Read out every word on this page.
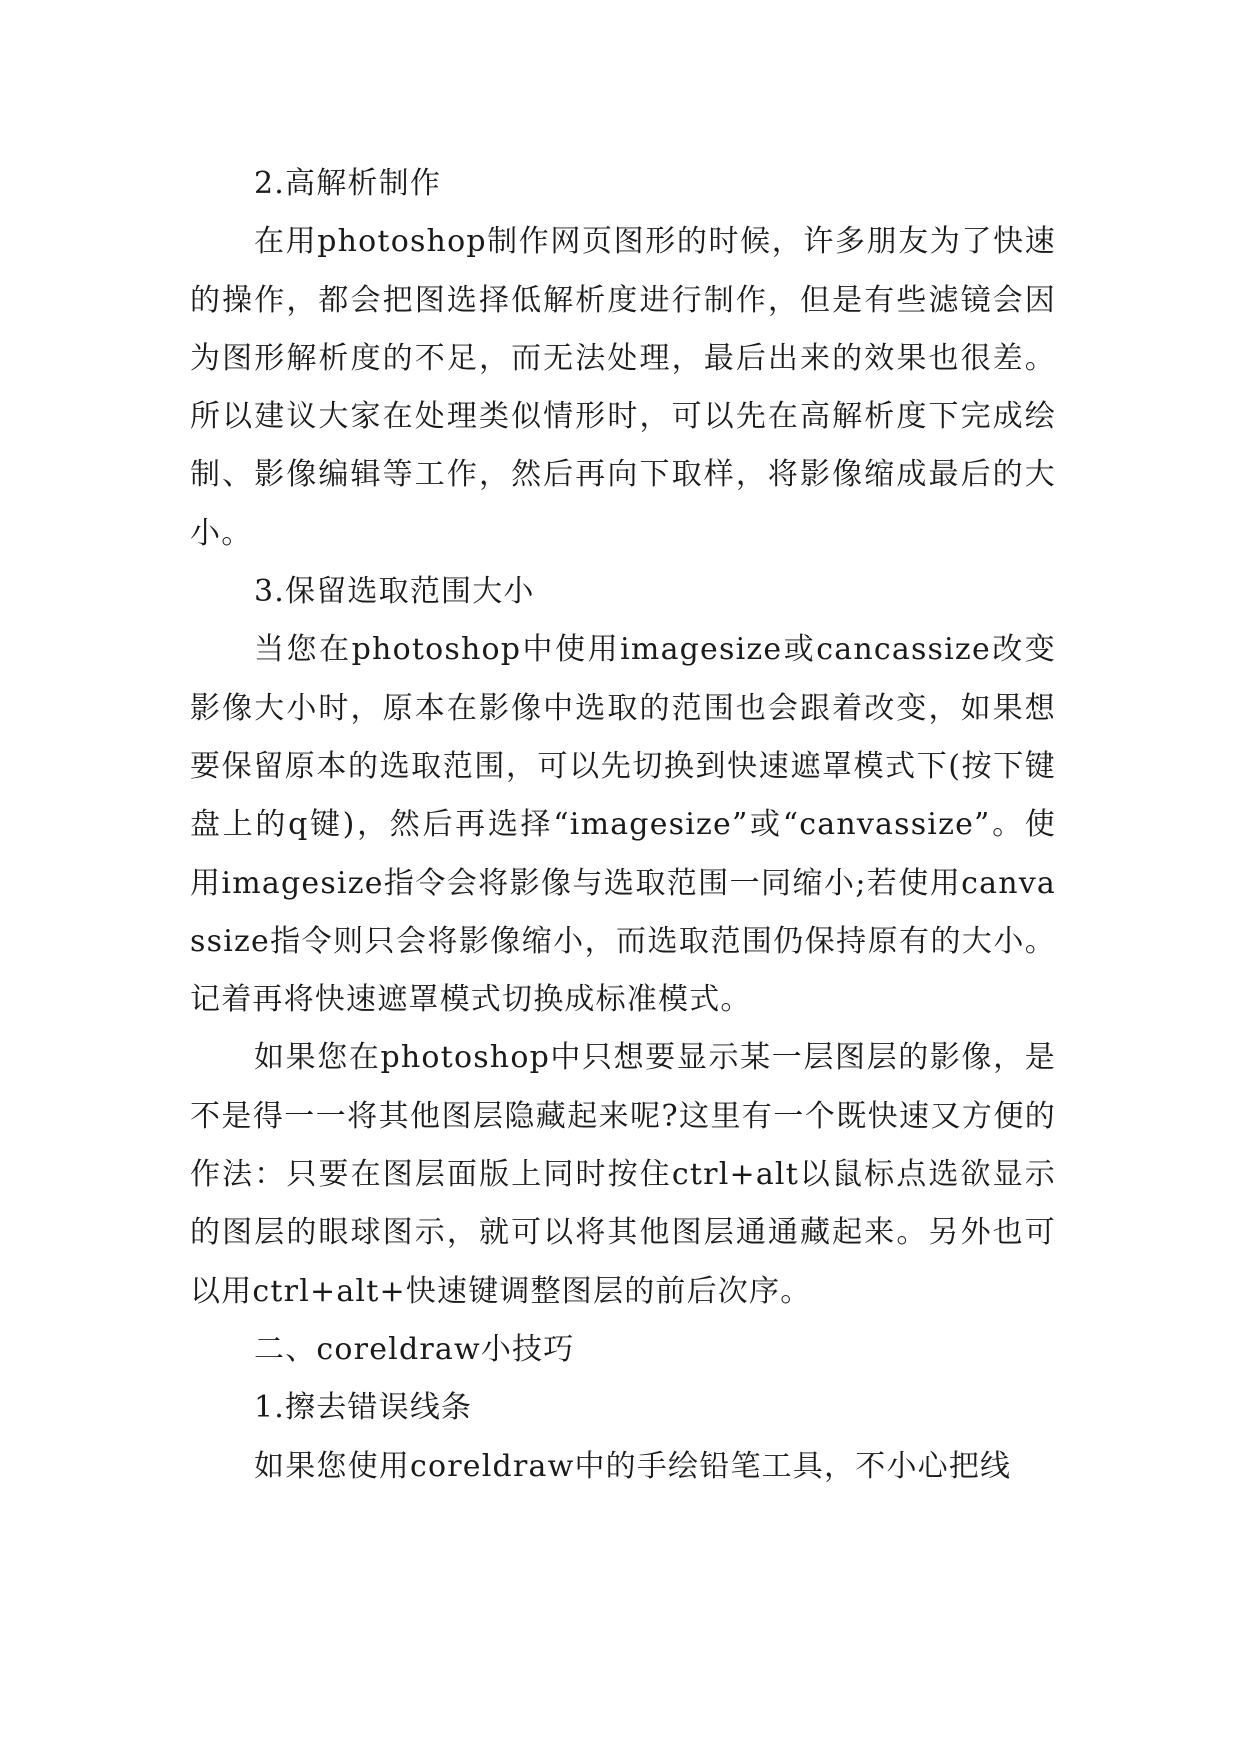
2.高解析制作

在用photoshop制作网页图形的时候，许多朋友为了快速的操作，都会把图选择低解析度进行制作，但是有些滤镜会因为图形解析度的不足，而无法处理，最后出来的效果也很差。所以建议大家在处理类似情形时，可以先在高解析度下完成绘制、影像编辑等工作，然后再向下取样，将影像缩成最后的大小。

3.保留选取范围大小

当您在photoshop中使用imagesize或cancassize改变影像大小时，原本在影像中选取的范围也会跟着改变，如果想要保留原本的选取范围，可以先切换到快速遮罩模式下(按下键盘上的q键)，然后再选择“imagesize”或“canvassize”。使用imagesize指令会将影像与选取范围一同缩小;若使用canvassize指令则只会将影像缩小，而选取范围仍保持原有的大小。记着再将快速遮罩模式切换成标准模式。

如果您在photoshop中只想要显示某一层图层的影像，是不是得一一将其他图层隐藏起来呢?这里有一个既快速又方便的作法：只要在图层面版上同时按住ctrl+alt以鼠标点选欲显示的图层的眼球图示，就可以将其他图层通通藏起来。另外也可以用ctrl+alt+快速键调整图层的前后次序。

二、coreldraw小技巧

1.擦去错误线条

如果您使用coreldraw中的手绘铅笔工具，不小心把线
